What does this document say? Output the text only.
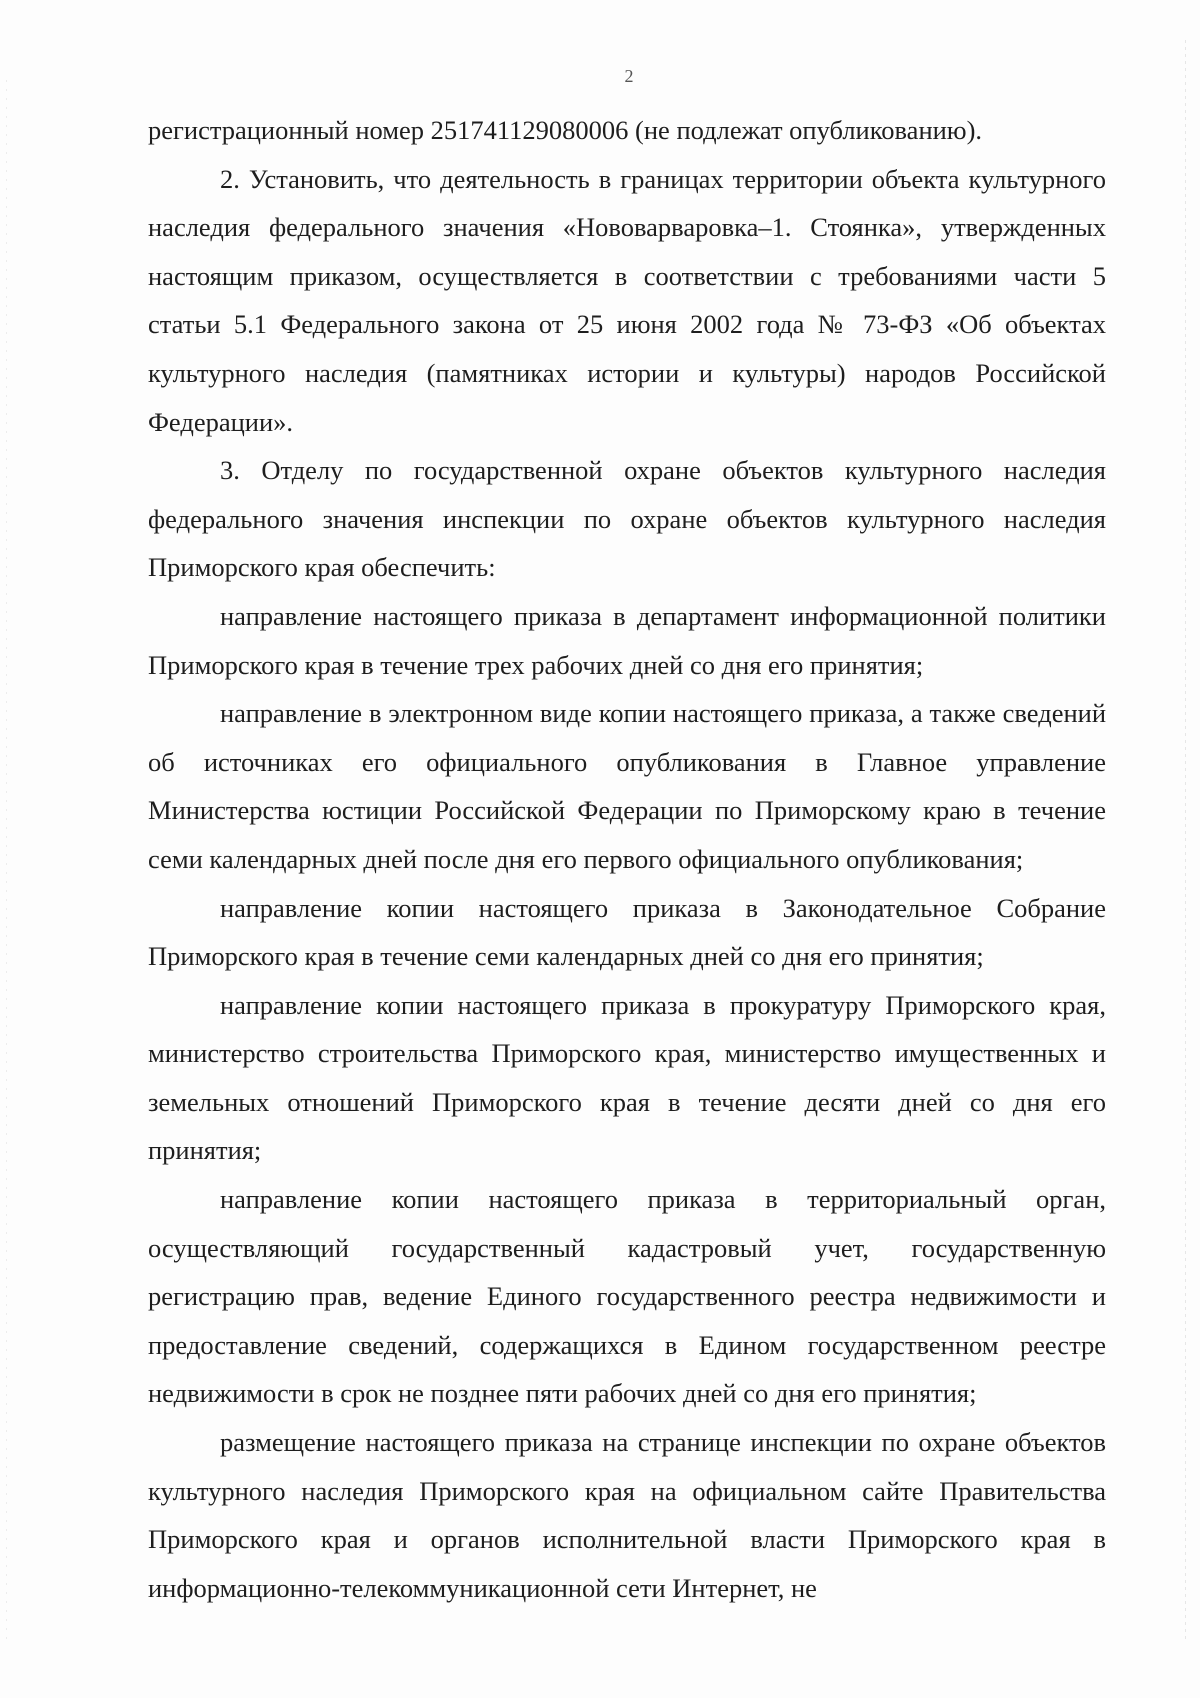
2

регистрационный номер 251741129080006 (не подлежат опубликованию).

2. Установить, что деятельность в границах территории объекта культурного наследия федерального значения «Нововарваровка–1. Стоянка», утвержденных настоящим приказом, осуществляется в соответствии с требованиями части 5 статьи 5.1 Федерального закона от 25 июня 2002 года № 73-ФЗ «Об объектах культурного наследия (памятниках истории и культуры) народов Российской Федерации».

3. Отделу по государственной охране объектов культурного наследия федерального значения инспекции по охране объектов культурного наследия Приморского края обеспечить:

направление настоящего приказа в департамент информационной политики Приморского края в течение трех рабочих дней со дня его принятия;

направление в электронном виде копии настоящего приказа, а также сведений об источниках его официального опубликования в Главное управление Министерства юстиции Российской Федерации по Приморскому краю в течение семи календарных дней после дня его первого официального опубликования;

направление копии настоящего приказа в Законодательное Собрание Приморского края в течение семи календарных дней со дня его принятия;

направление копии настоящего приказа в прокуратуру Приморского края, министерство строительства Приморского края, министерство имущественных и земельных отношений Приморского края в течение десяти дней со дня его принятия;

направление копии настоящего приказа в территориальный орган, осуществляющий государственный кадастровый учет, государственную регистрацию прав, ведение Единого государственного реестра недвижимости и предоставление сведений, содержащихся в Едином государственном реестре недвижимости в срок не позднее пяти рабочих дней со дня его принятия;

размещение настоящего приказа на странице инспекции по охране объектов культурного наследия Приморского края на официальном сайте Правительства Приморского края и органов исполнительной власти Приморского края в информационно-телекоммуникационной сети Интернет, не
